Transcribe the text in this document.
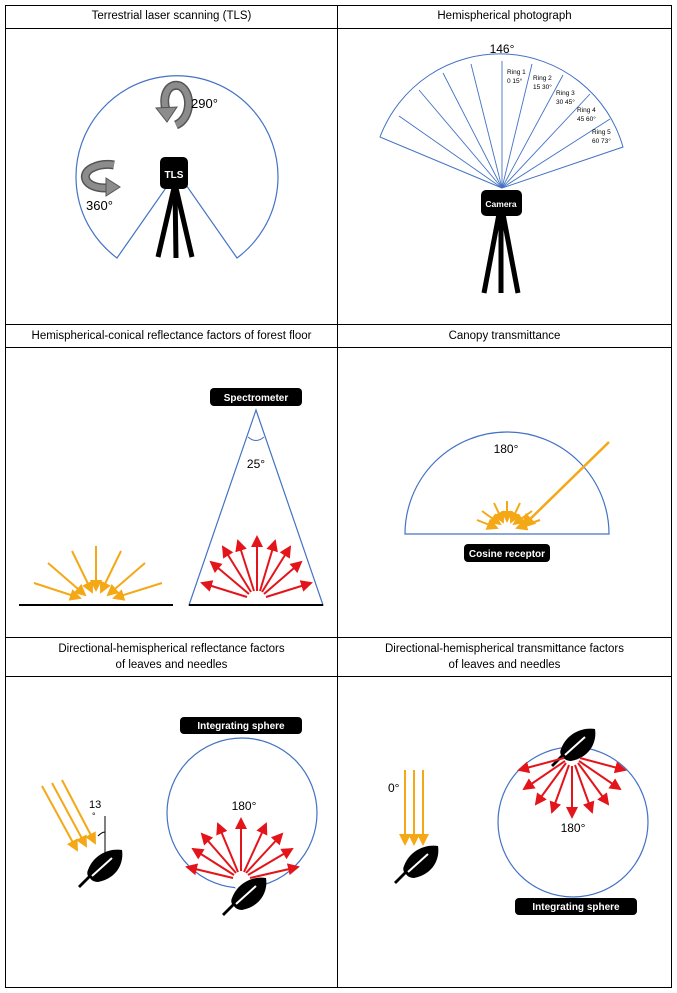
Terrestrial laser scanning (TLS)	Hemispherical photograph
Hemispherical-conical reflectance factors of forest floor	Canopy transmittance
Directional-hemispherical reflectance factors
of leaves and needles
Directional-hemispherical transmittance factors
of leaves and needles
TLS
290°
360°
146°
Ring 1
0 15° Ring 2
15 30°
Ring 3
30 45°
Ring 4
45 60°
Ring 5
60 73°
Camera
25°
Spectrometer
180°
Cosine receptor
13
°
Integrating sphere
180°
0°
180°
Integrating sphere
